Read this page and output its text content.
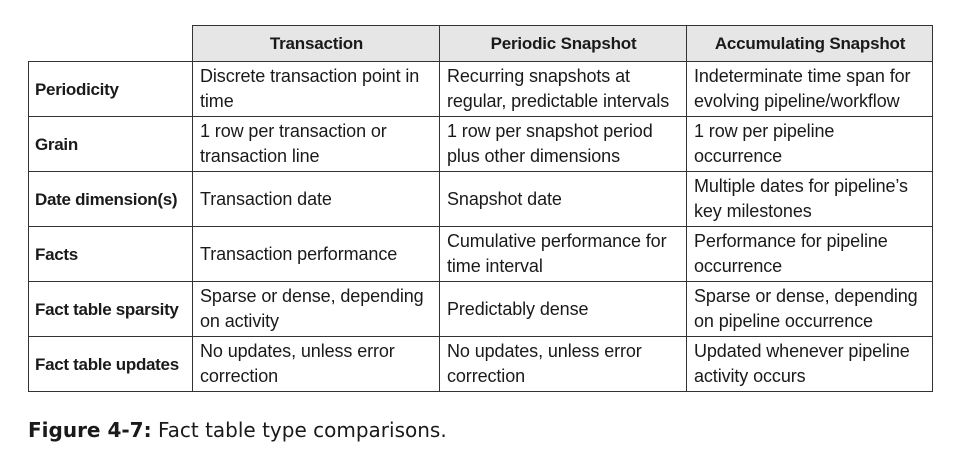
	Transaction	Periodic Snapshot	Accumulating Snapshot
Periodicity	Discrete transaction point in time	Recurring snapshots at regular, predictable intervals	Indeterminate time span for evolving pipeline/workflow
Grain	1 row per transaction or transaction line	1 row per snapshot period plus other dimensions	1 row per pipeline occurrence
Date dimension(s)	Transaction date	Snapshot date	Multiple dates for pipeline’s key milestones
Facts	Transaction performance	Cumulative performance for time interval	Performance for pipeline occurrence
Fact table sparsity	Sparse or dense, depending on activity	Predictably dense	Sparse or dense, depending on pipeline occurrence
Fact table updates	No updates, unless error correction	No updates, unless error correction	Updated whenever pipeline activity occurs
Figure 4-7: Fact table type comparisons.
